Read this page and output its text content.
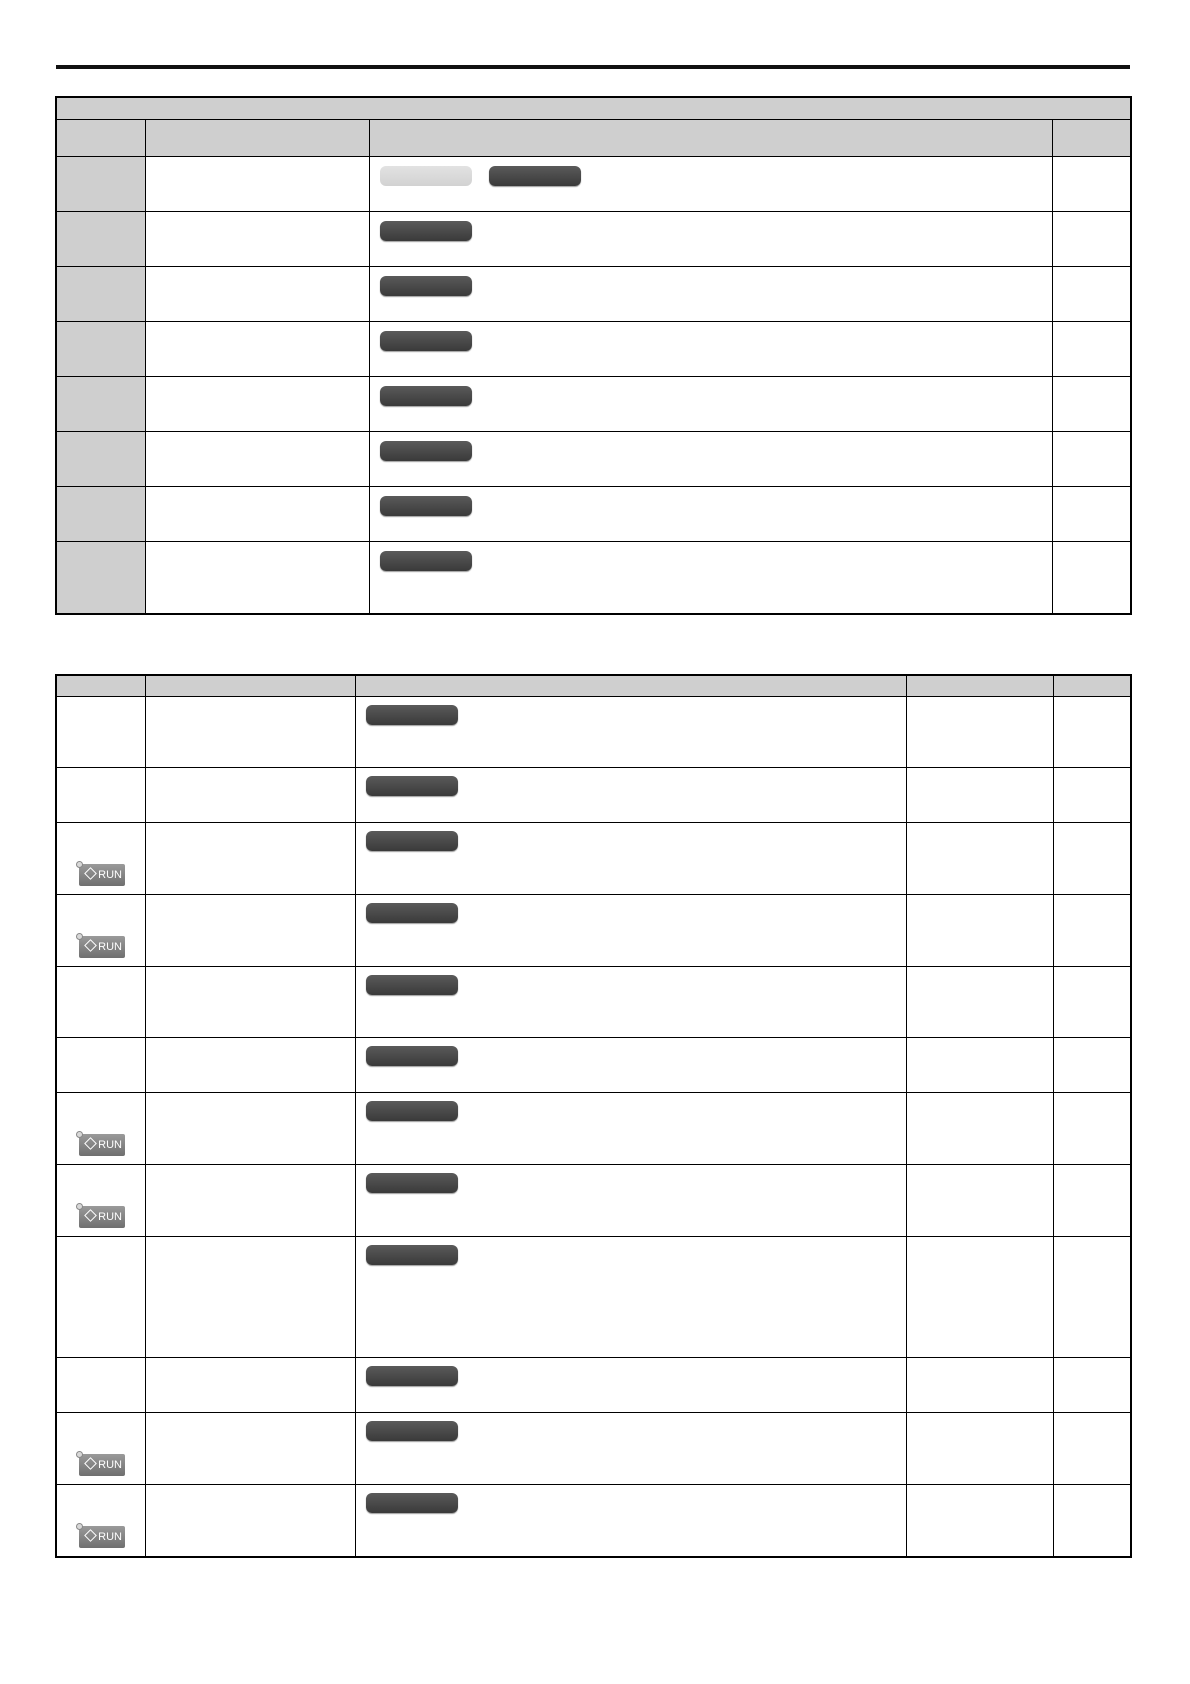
RUN
RUN
RUN
RUN
RUN
RUN
